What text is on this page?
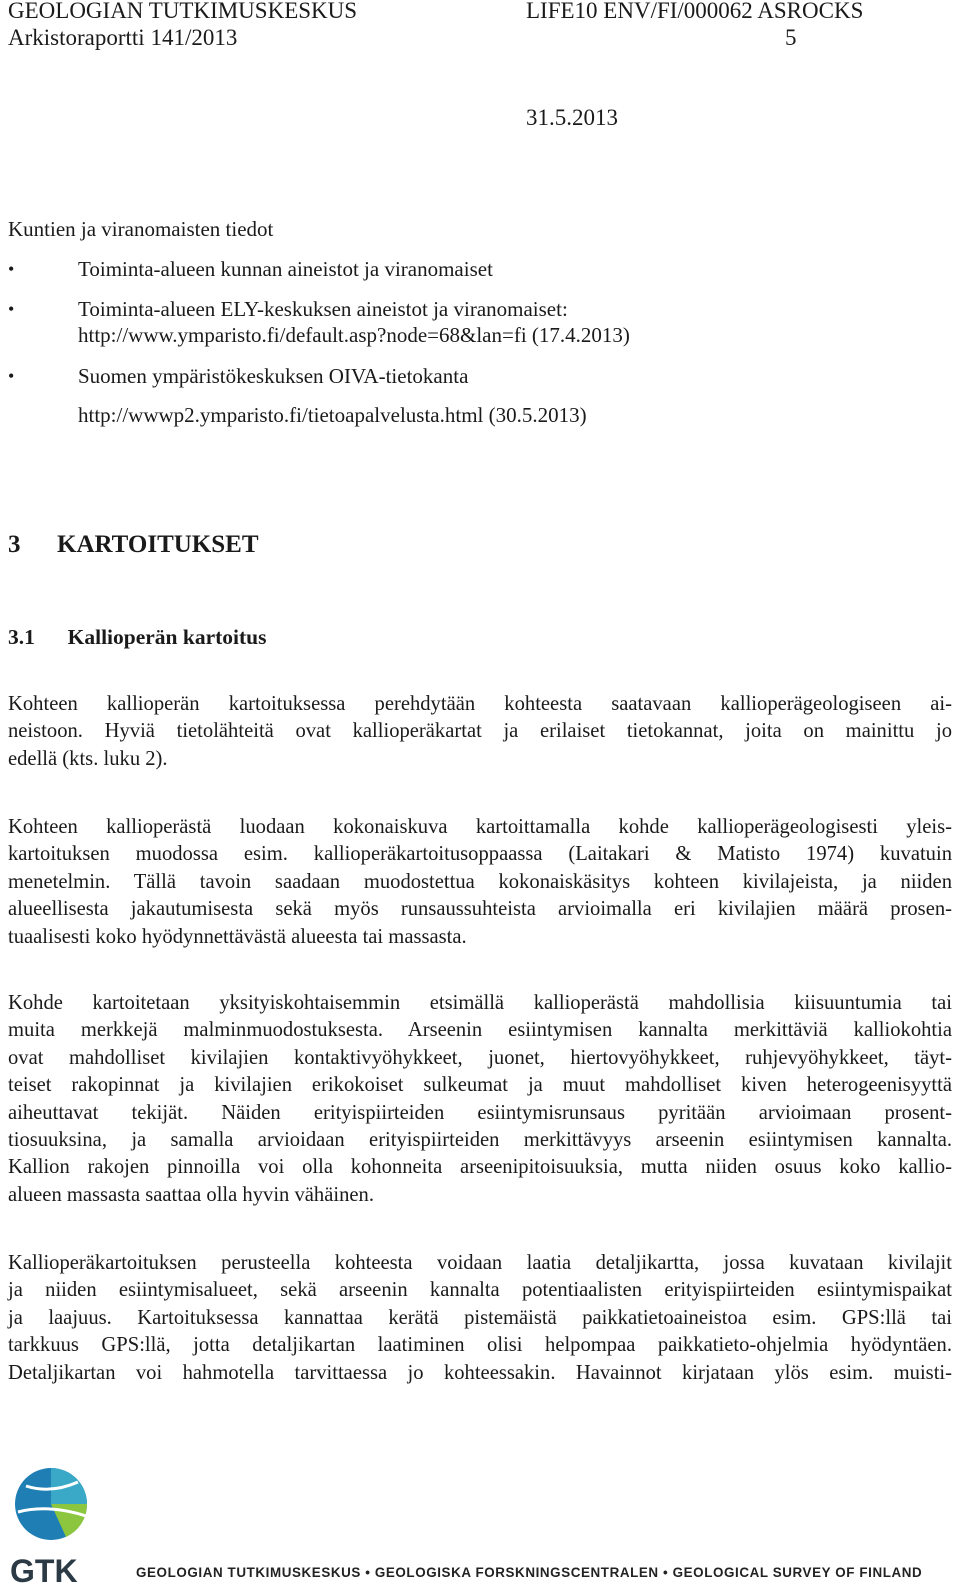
GEOLOGIAN TUTKIMUSKESKUS	LIFE10 ENV/FI/000062 ASROCKS
Arkistoraportti 141/2013	5
31.5.2013
Kuntien ja viranomaisten tiedot
•	Toiminta-alueen kunnan aineistot ja viranomaiset
•	Toiminta-alueen ELY-keskuksen aineistot ja viranomaiset:
http://www.ymparisto.fi/default.asp?node=68&lan=fi (17.4.2013)
•	Suomen ympäristökeskuksen OIVA-tietokanta
http://wwwp2.ymparisto.fi/tietoapalvelusta.html (30.5.2013)
3 KARTOITUKSET
3.1 Kallioperän kartoitus
Kohteen kallioperän kartoituksessa perehdytään kohteesta saatavaan kallioperägeologiseen ai-
neistoon. Hyviä tietolähteitä ovat kallioperäkartat ja erilaiset tietokannat, joita on mainittu jo
edellä (kts. luku 2).
Kohteen kallioperästä luodaan kokonaiskuva kartoittamalla kohde kallioperägeologisesti yleis-
kartoituksen muodossa esim. kallioperäkartoitusoppaassa (Laitakari & Matisto 1974) kuvatuin
menetelmin. Tällä tavoin saadaan muodostettua kokonaiskäsitys kohteen kivilajeista, ja niiden
alueellisesta jakautumisesta sekä myös runsaussuhteista arvioimalla eri kivilajien määrä prosen-
tuaalisesti koko hyödynnettävästä alueesta tai massasta.
Kohde kartoitetaan yksityiskohtaisemmin etsimällä kallioperästä mahdollisia kiisuuntumia tai
muita merkkejä malminmuodostuksesta. Arseenin esiintymisen kannalta merkittäviä kalliokohtia
ovat mahdolliset kivilajien kontaktivyöhykkeet, juonet, hiertovyöhykkeet, ruhjevyöhykkeet, täyt-
teiset rakopinnat ja kivilajien erikokoiset sulkeumat ja muut mahdolliset kiven heterogeenisyyttä
aiheuttavat tekijät. Näiden erityispiirteiden esiintymisrunsaus pyritään arvioimaan prosent-
tiosuuksina, ja samalla arvioidaan erityispiirteiden merkittävyys arseenin esiintymisen kannalta.
Kallion rakojen pinnoilla voi olla kohonneita arseenipitoisuuksia, mutta niiden osuus koko kallio-
alueen massasta saattaa olla hyvin vähäinen.
Kallioperäkartoituksen perusteella kohteesta voidaan laatia detaljikartta, jossa kuvataan kivilajit
ja niiden esiintymisalueet, sekä arseenin kannalta potentiaalisten erityispiirteiden esiintymispaikat
ja laajuus. Kartoituksessa kannattaa kerätä pistemäistä paikkatietoaineistoa esim. GPS:llä tai
tarkkuus GPS:llä, jotta detaljikartan laatiminen olisi helpompaa paikkatieto-ohjelmia hyödyntäen.
Detaljikartan voi hahmotella tarvittaessa jo kohteessakin. Havainnot kirjataan ylös esim. muisti-
GTK	GEOLOGIAN TUTKIMUSKESKUS • GEOLOGISKA FORSKNINGSCENTRALEN • GEOLOGICAL SURVEY OF FINLAND
